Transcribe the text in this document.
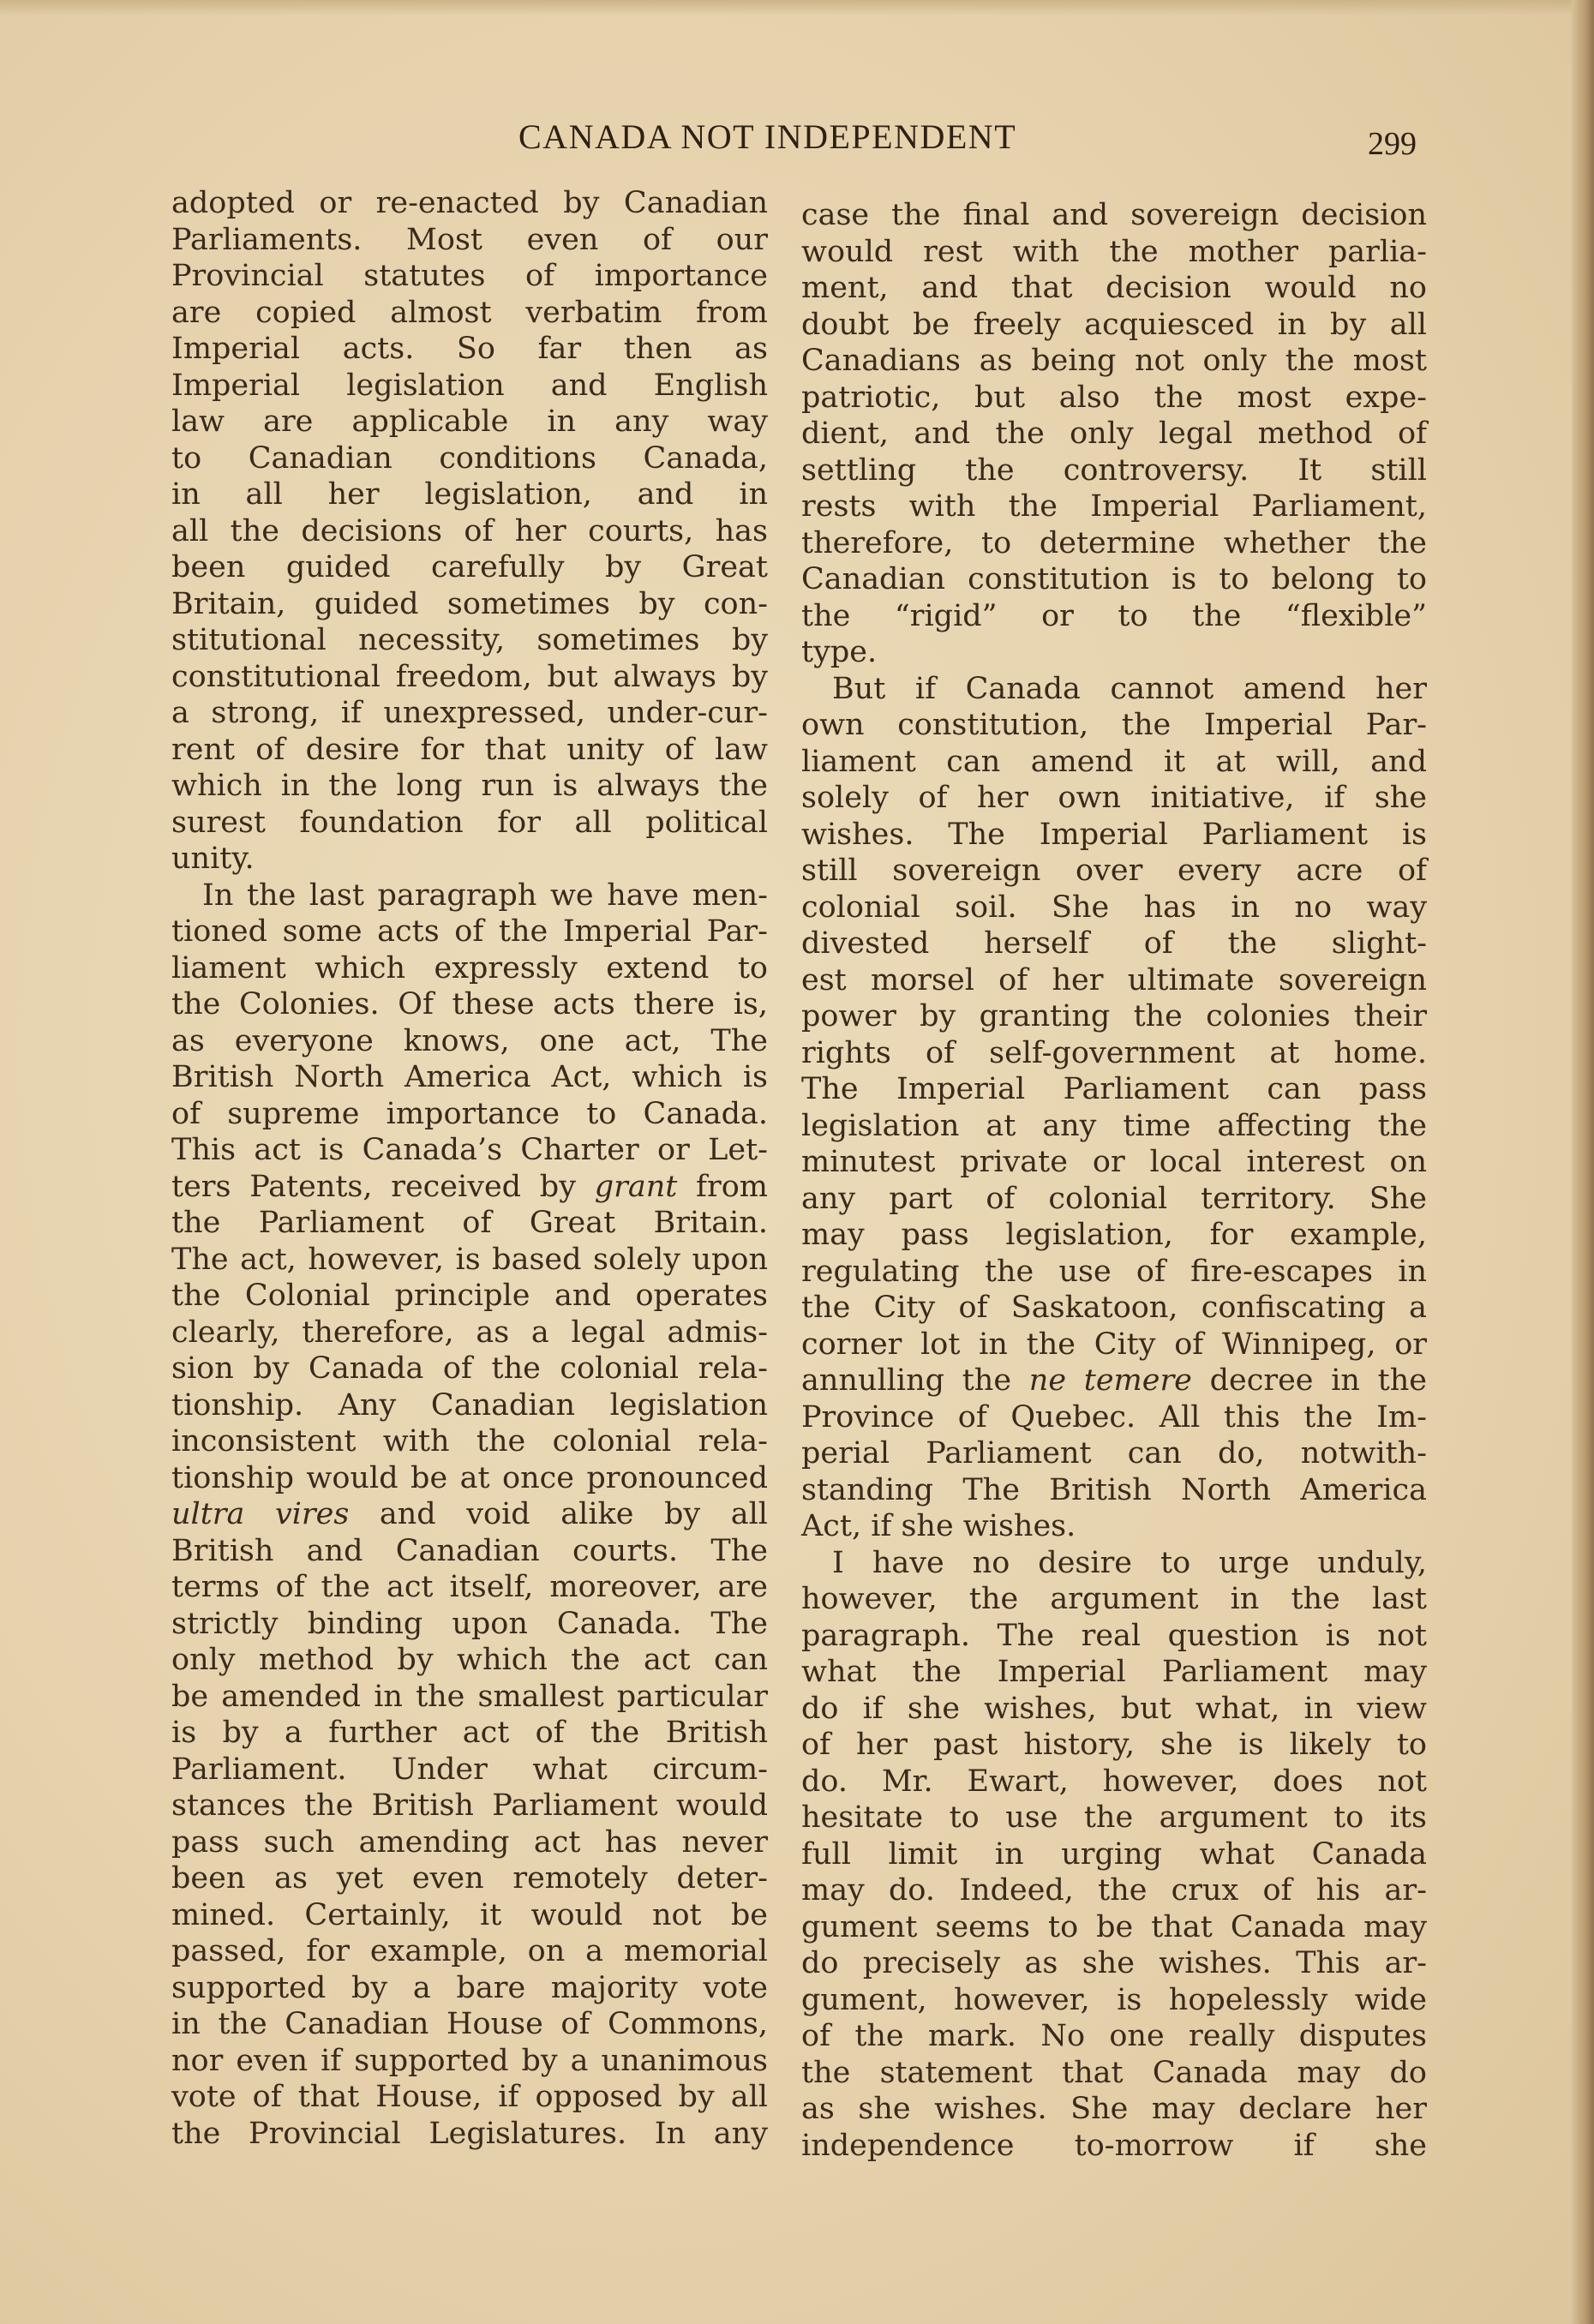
CANADA NOT INDEPENDENT	299
adopted or re-enacted by Canadian
Parliaments. Most even of our
Provincial statutes of importance
are copied almost verbatim from
Imperial acts. So far then as
Imperial legislation and English
law are applicable in any way
to Canadian conditions Canada,
in all her legislation, and in
all the decisions of her courts, has
been guided carefully by Great
Britain, guided sometimes by con-
stitutional necessity, sometimes by
constitutional freedom, but always by
a strong, if unexpressed, under-cur-
rent of desire for that unity of law
which in the long run is always the
surest foundation for all political
unity.
In the last paragraph we have men-
tioned some acts of the Imperial Par-
liament which expressly extend to
the Colonies. Of these acts there is,
as everyone knows, one act, The
British North America Act, which is
of supreme importance to Canada.
This act is Canada’s Charter or Let-
ters Patents, received by grant from
the Parliament of Great Britain.
The act, however, is based solely upon
the Colonial principle and operates
clearly, therefore, as a legal admis-
sion by Canada of the colonial rela-
tionship. Any Canadian legislation
inconsistent with the colonial rela-
tionship would be at once pronounced
ultra vires and void alike by all
British and Canadian courts. The
terms of the act itself, moreover, are
strictly binding upon Canada. The
only method by which the act can
be amended in the smallest particular
is by a further act of the British
Parliament. Under what circum-
stances the British Parliament would
pass such amending act has never
been as yet even remotely deter-
mined. Certainly, it would not be
passed, for example, on a memorial
supported by a bare majority vote
in the Canadian House of Commons,
nor even if supported by a unanimous
vote of that House, if opposed by all
the Provincial Legislatures. In any
case the final and sovereign decision
would rest with the mother parlia-
ment, and that decision would no
doubt be freely acquiesced in by all
Canadians as being not only the most
patriotic, but also the most expe-
dient, and the only legal method of
settling the controversy. It still
rests with the Imperial Parliament,
therefore, to determine whether the
Canadian constitution is to belong to
the “rigid” or to the “flexible”
type.
But if Canada cannot amend her
own constitution, the Imperial Par-
liament can amend it at will, and
solely of her own initiative, if she
wishes. The Imperial Parliament is
still sovereign over every acre of
colonial soil. She has in no way
divested herself of the slight-
est morsel of her ultimate sovereign
power by granting the colonies their
rights of self-government at home.
The Imperial Parliament can pass
legislation at any time affecting the
minutest private or local interest on
any part of colonial territory. She
may pass legislation, for example,
regulating the use of fire-escapes in
the City of Saskatoon, confiscating a
corner lot in the City of Winnipeg, or
annulling the ne temere decree in the
Province of Quebec. All this the Im-
perial Parliament can do, notwith-
standing The British North America
Act, if she wishes.
I have no desire to urge unduly,
however, the argument in the last
paragraph. The real question is not
what the Imperial Parliament may
do if she wishes, but what, in view
of her past history, she is likely to
do. Mr. Ewart, however, does not
hesitate to use the argument to its
full limit in urging what Canada
may do. Indeed, the crux of his ar-
gument seems to be that Canada may
do precisely as she wishes. This ar-
gument, however, is hopelessly wide
of the mark. No one really disputes
the statement that Canada may do
as she wishes. She may declare her
independence to-morrow if she
